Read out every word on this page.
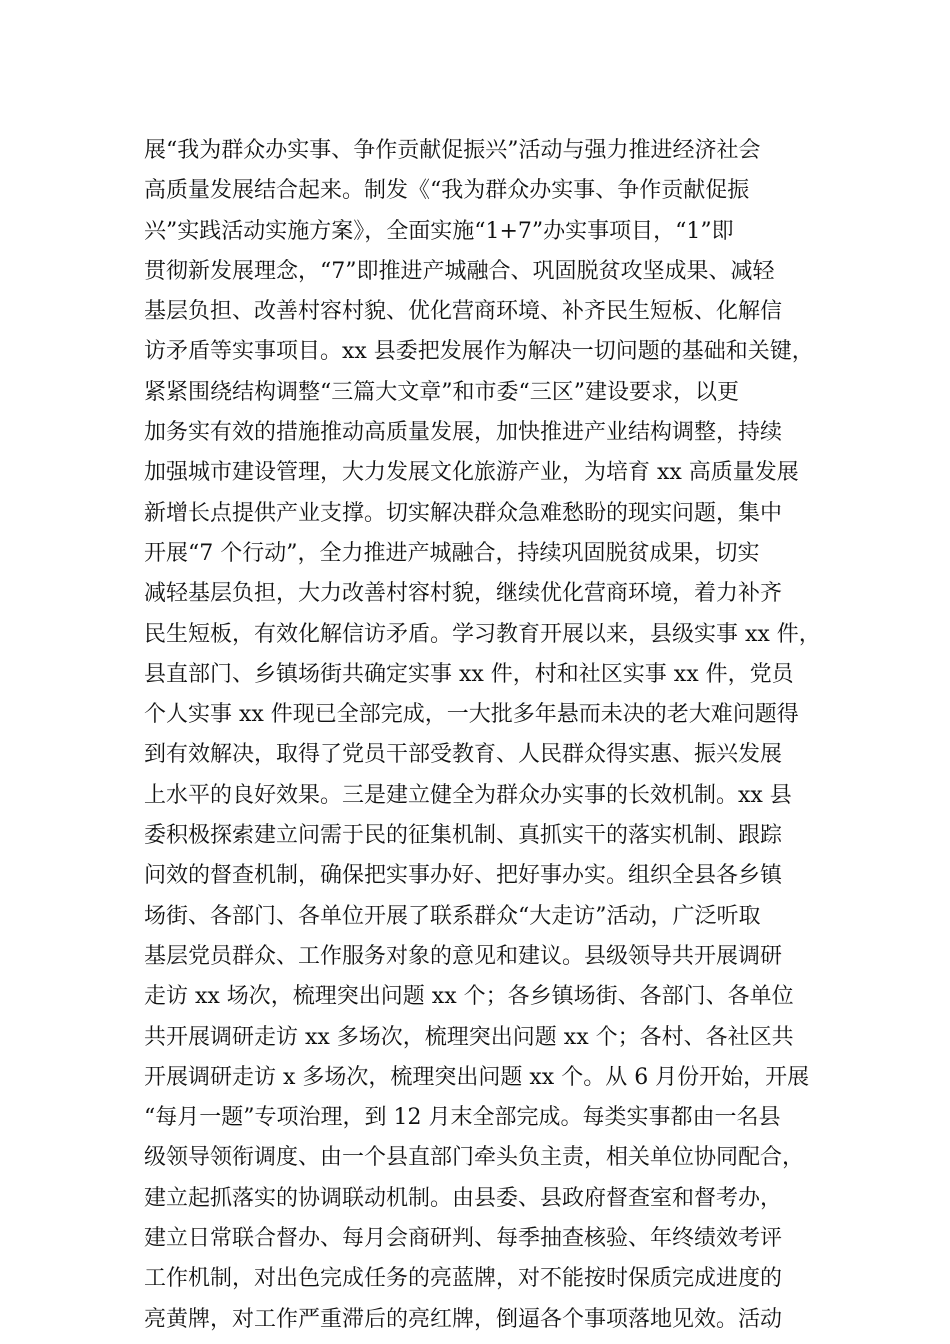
展“我为群众办实事、争作贡献促振兴”活动与强力推进经济社会
高质量发展结合起来。制发《“我为群众办实事、争作贡献促振
兴”实践活动实施方案》，全面实施“1+7”办实事项目，“1”即
贯彻新发展理念，“7”即推进产城融合、巩固脱贫攻坚成果、减轻
基层负担、改善村容村貌、优化营商环境、补齐民生短板、化解信
访矛盾等实事项目。xx 县委把发展作为解决一切问题的基础和关键，
紧紧围绕结构调整“三篇大文章”和市委“三区”建设要求，以更
加务实有效的措施推动高质量发展，加快推进产业结构调整，持续
加强城市建设管理，大力发展文化旅游产业，为培育 xx 高质量发展
新增长点提供产业支撑。切实解决群众急难愁盼的现实问题，集中
开展“7 个行动”，全力推进产城融合，持续巩固脱贫成果，切实
减轻基层负担，大力改善村容村貌，继续优化营商环境，着力补齐
民生短板，有效化解信访矛盾。学习教育开展以来，县级实事 xx 件，
县直部门、乡镇场街共确定实事 xx 件，村和社区实事 xx 件，党员
个人实事 xx 件现已全部完成，一大批多年悬而未决的老大难问题得
到有效解决，取得了党员干部受教育、人民群众得实惠、振兴发展
上水平的良好效果。三是建立健全为群众办实事的长效机制。xx 县
委积极探索建立问需于民的征集机制、真抓实干的落实机制、跟踪
问效的督查机制，确保把实事办好、把好事办实。组织全县各乡镇
场街、各部门、各单位开展了联系群众“大走访”活动，广泛听取
基层党员群众、工作服务对象的意见和建议。县级领导共开展调研
走访 xx 场次，梳理突出问题 xx 个；各乡镇场街、各部门、各单位
共开展调研走访 xx 多场次，梳理突出问题 xx 个；各村、各社区共
开展调研走访 x 多场次，梳理突出问题 xx 个。从 6 月份开始，开展
“每月一题”专项治理，到 12 月末全部完成。每类实事都由一名县
级领导领衔调度、由一个县直部门牵头负主责，相关单位协同配合，
建立起抓落实的协调联动机制。由县委、县政府督查室和督考办，
建立日常联合督办、每月会商研判、每季抽查核验、年终绩效考评
工作机制，对出色完成任务的亮蓝牌，对不能按时保质完成进度的
亮黄牌，对工作严重滞后的亮红牌，倒逼各个事项落地见效。活动
